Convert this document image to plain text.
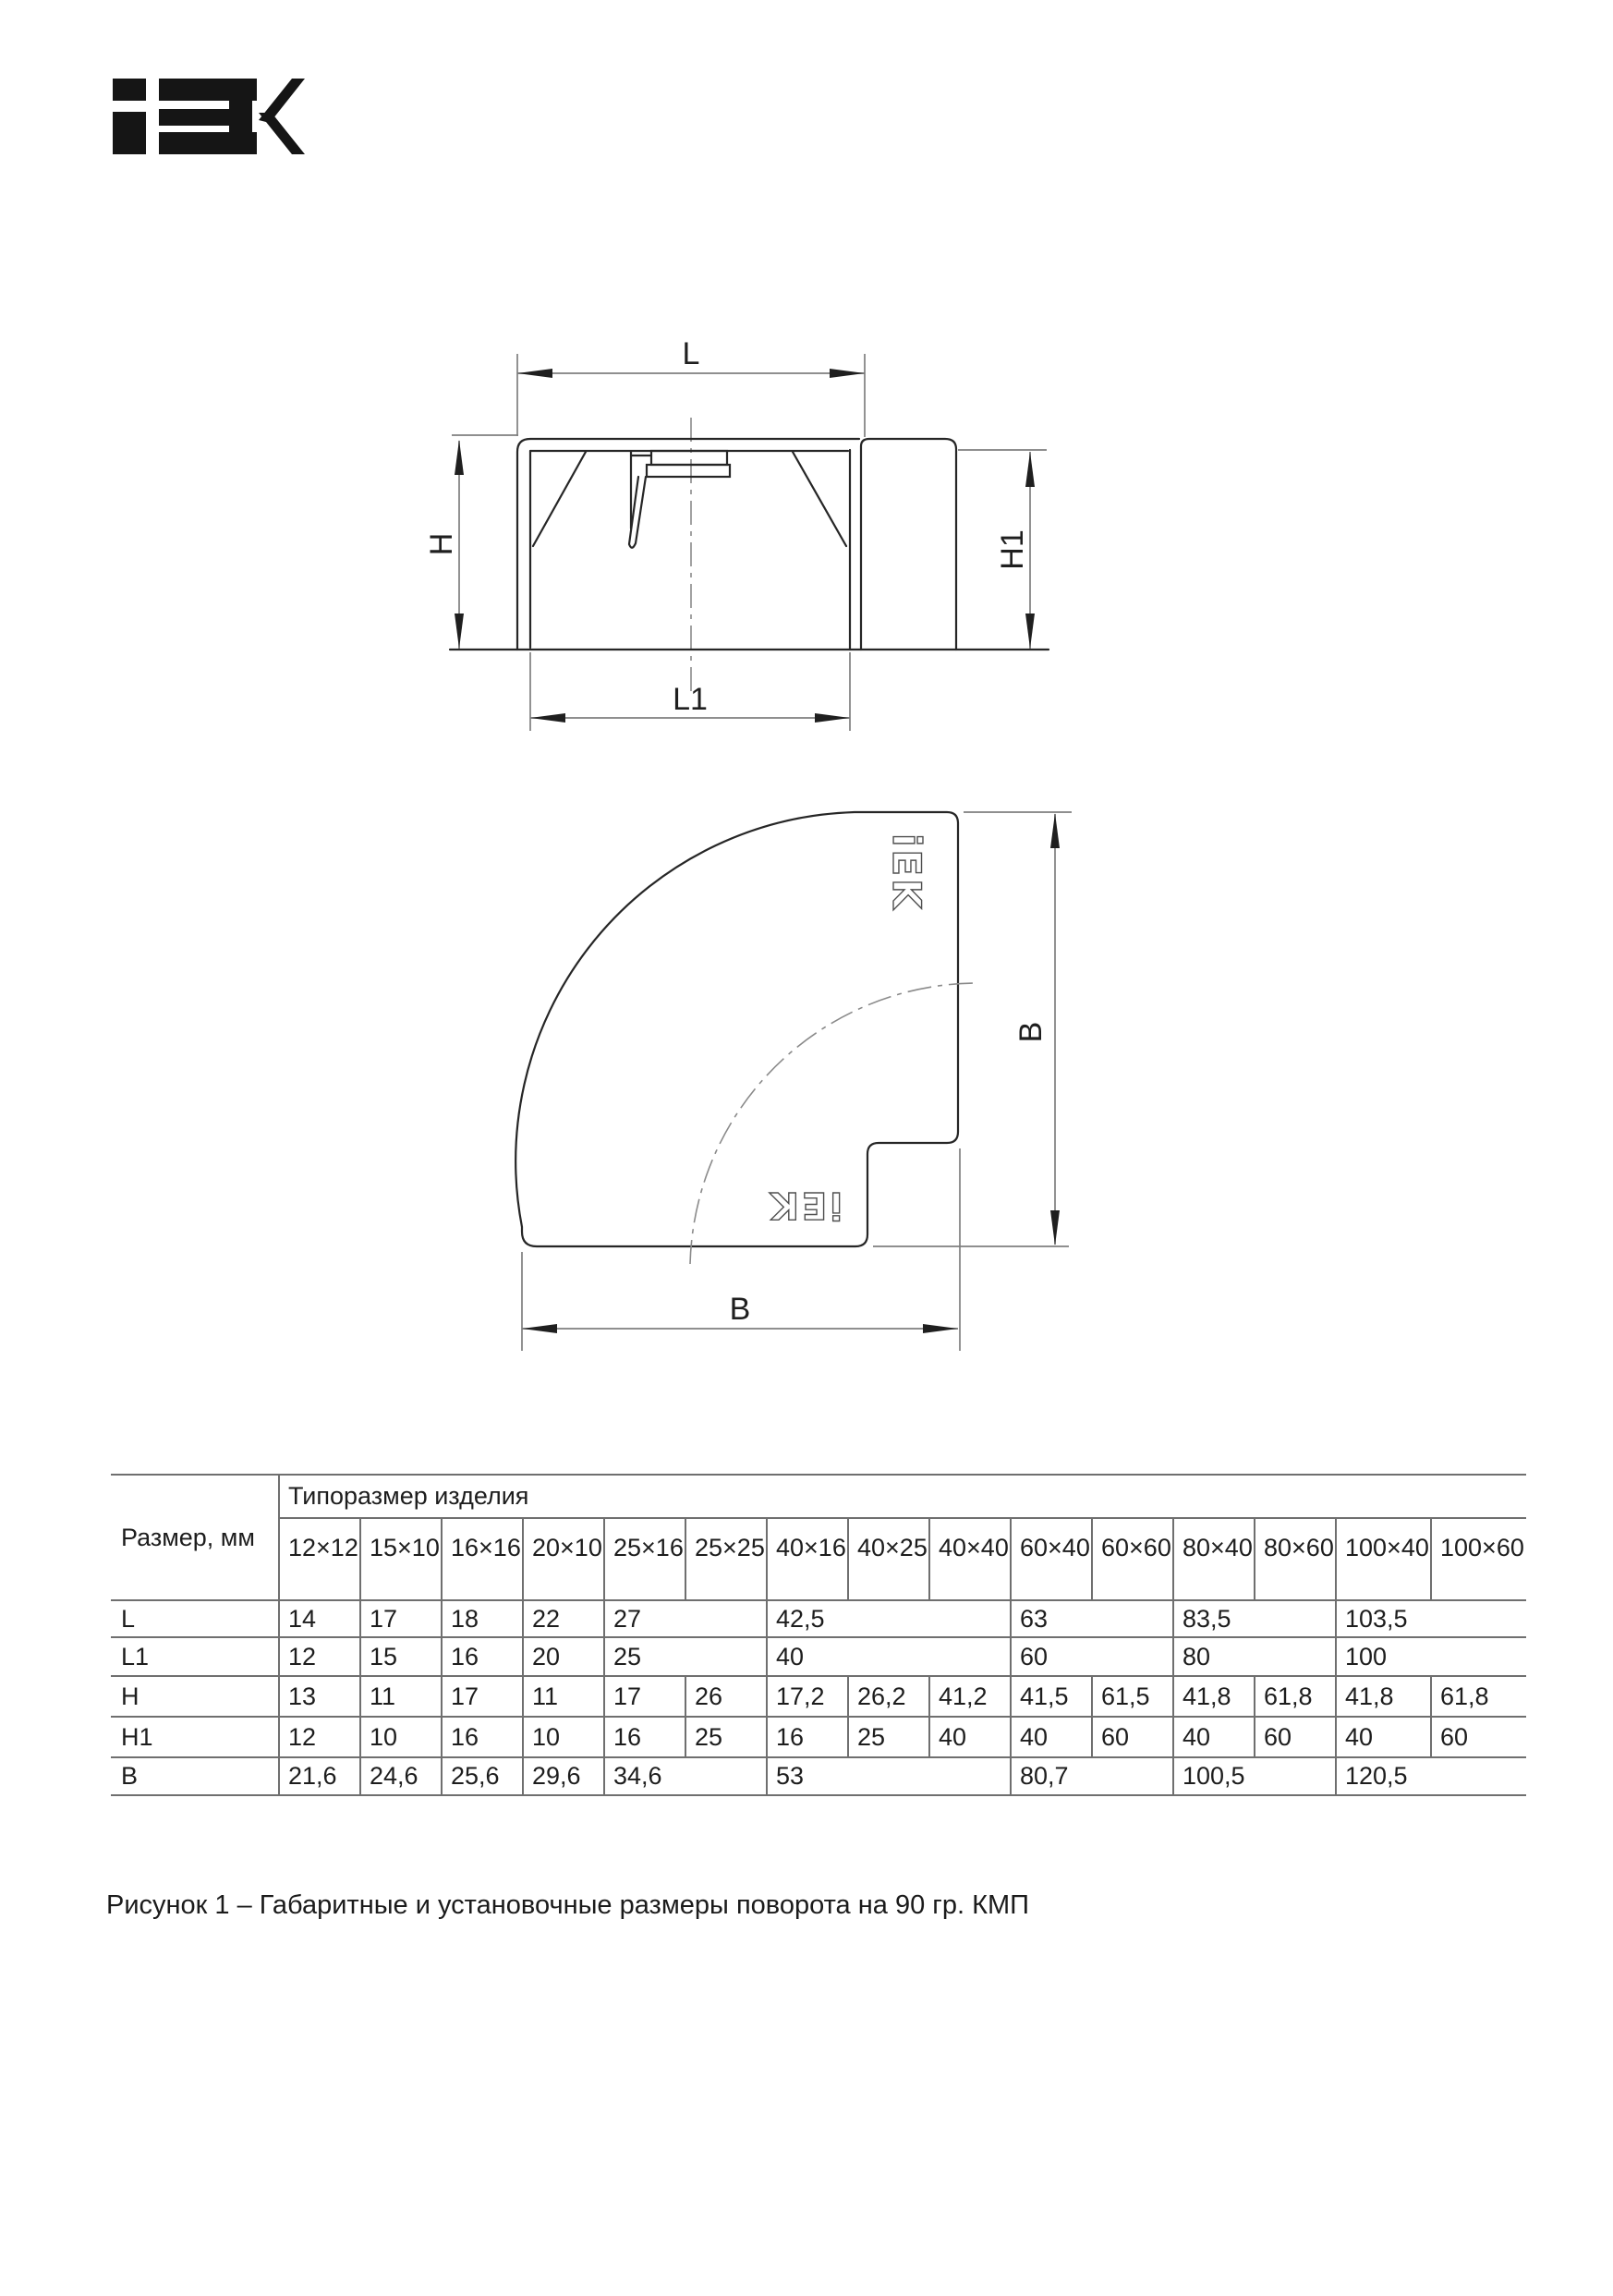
L
H
L1
H1
iEK
iEK
B
B
Размер, мм	Типоразмер изделия														
	12×12	15×10	16×16	20×10	25×16	25×25	40×16	40×25	40×40	60×40	60×60	80×40	80×60	100×40	100×60
L	14	17	18	22	27		42,5			63		83,5		103,5	
L1	12	15	16	20	25		40			60		80		100	
H	13	11	17	11	17	26	17,2	26,2	41,2	41,5	61,5	41,8	61,8	41,8	61,8
H1	12	10	16	10	16	25	16	25	40	40	60	40	60	40	60
B	21,6	24,6	25,6	29,6	34,6		53			80,7		100,5		120,5	
Рисунок 1 – Габаритные и установочные размеры поворота на 90 гр. КМП
